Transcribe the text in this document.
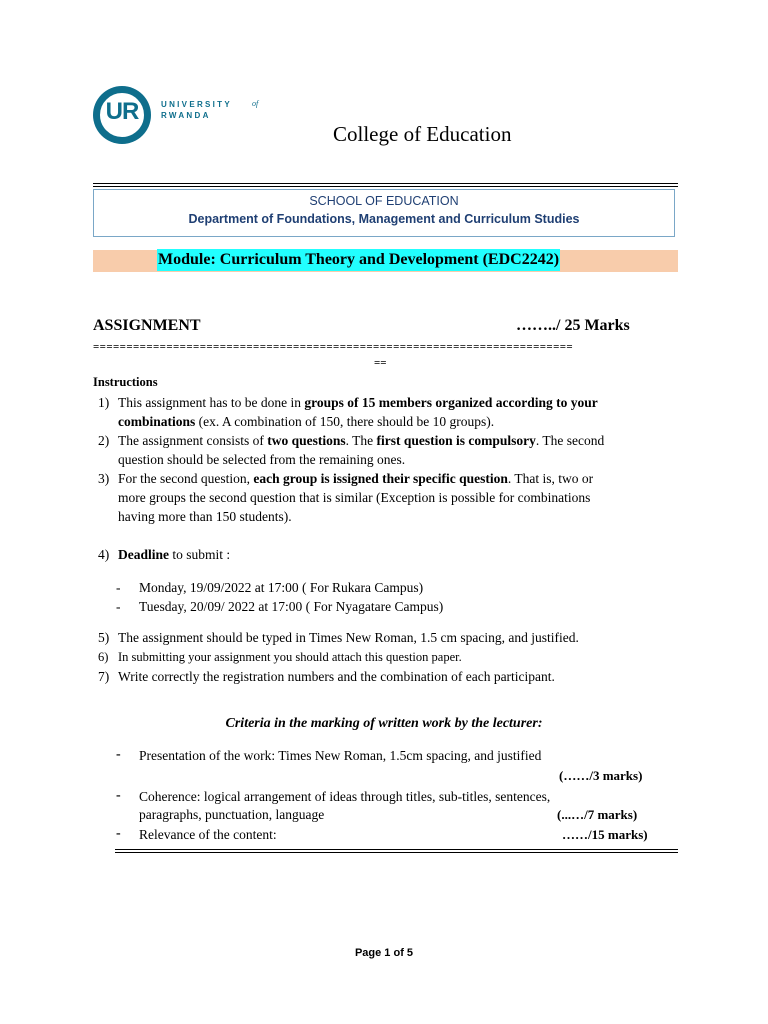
UR	UNIVERSITY of
RWANDA
College of Education
SCHOOL OF EDUCATION
Department of Foundations, Management and Curriculum Studies
Module: Curriculum Theory and Development (EDC2242)
ASSIGNMENT	……../ 25 Marks
========================================================================
==
Instructions
1) This assignment has to be done in groups of 15 members organized according to your
combinations (ex. A combination of 150, there should be 10 groups).
2) The assignment consists of two questions. The first question is compulsory. The second
question should be selected from the remaining ones.
3) For the second question, each group is issigned their specific question. That is, two or
more groups the second question that is similar (Exception is possible for combinations
having more than 150 students).
4) Deadline to submit :
- Monday, 19/09/2022 at 17:00 ( For Rukara Campus)
- Tuesday, 20/09/ 2022 at 17:00 ( For Nyagatare Campus)
5) The assignment should be typed in Times New Roman, 1.5 cm spacing, and justified.
6) In submitting your assignment you should attach this question paper.
7) Write correctly the registration numbers and the combination of each participant.
Criteria in the marking of written work by the lecturer:
- Presentation of the work: Times New Roman, 1.5cm spacing, and justified
(……/3 marks)
- Coherence: logical arrangement of ideas through titles, sub-titles, sentences,
paragraphs, punctuation, language	(...…/7 marks)
- Relevance of the content:	……/15 marks)
Page 1 of 5
